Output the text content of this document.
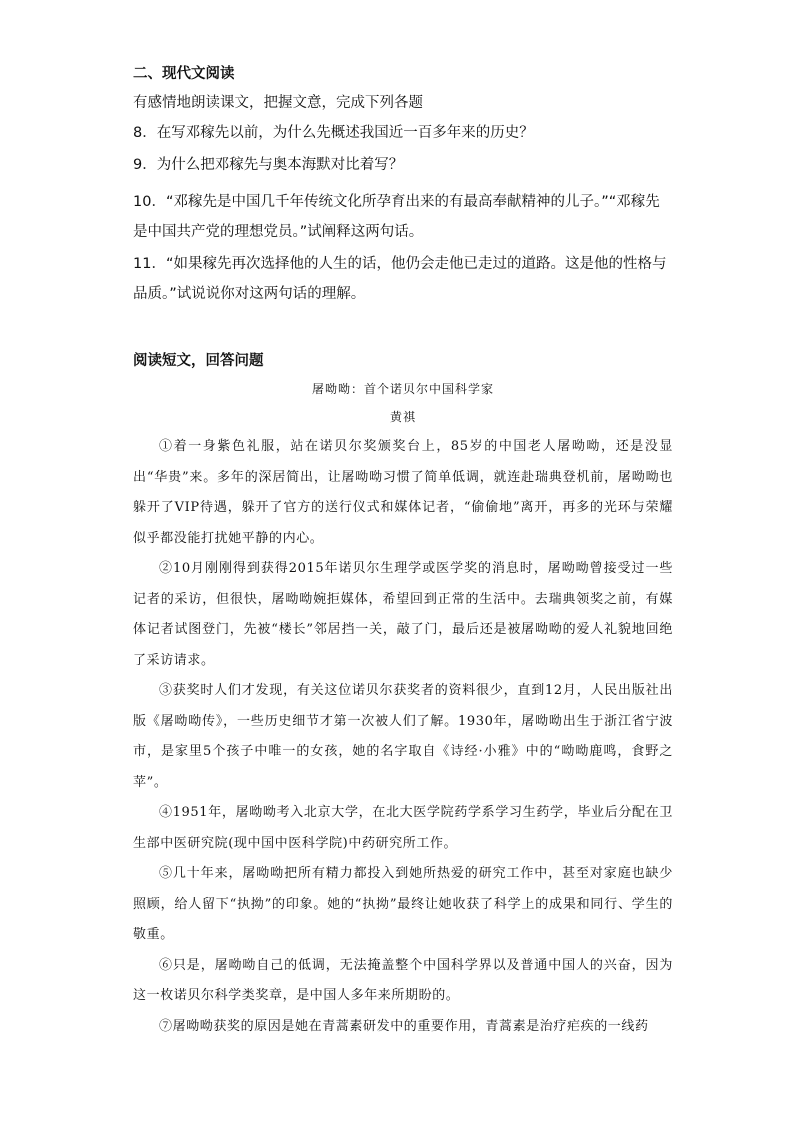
二、现代文阅读

有感情地朗读课文，把握文意，完成下列各题

8．在写邓稼先以前，为什么先概述我国近一百多年来的历史？

9．为什么把邓稼先与奥本海默对比着写？

10．“邓稼先是中国几千年传统文化所孕育出来的有最高奉献精神的儿子。”“邓稼先是中国共产党的理想党员。”试阐释这两句话。

11．“如果稼先再次选择他的人生的话，他仍会走他已走过的道路。这是他的性格与品质。”试说说你对这两句话的理解。

阅读短文，回答问题

屠呦呦：首个诺贝尔中国科学家

黄祺

①着一身紫色礼服，站在诺贝尔奖颁奖台上，85岁的中国老人屠呦呦，还是没显出“华贵”来。多年的深居简出，让屠呦呦习惯了简单低调，就连赴瑞典登机前，屠呦呦也躲开了VIP待遇，躲开了官方的送行仪式和媒体记者，“偷偷地”离开，再多的光环与荣耀似乎都没能打扰她平静的内心。

②10月刚刚得到获得2015年诺贝尔生理学或医学奖的消息时，屠呦呦曾接受过一些记者的采访，但很快，屠呦呦婉拒媒体，希望回到正常的生活中。去瑞典领奖之前，有媒体记者试图登门，先被“楼长”邻居挡一关，敲了门，最后还是被屠呦呦的爱人礼貌地回绝了采访请求。

③获奖时人们才发现，有关这位诺贝尔获奖者的资料很少，直到12月，人民出版社出版《屠呦呦传》，一些历史细节才第一次被人们了解。1930年，屠呦呦出生于浙江省宁波市，是家里5个孩子中唯一的女孩，她的名字取自《诗经·小雅》中的“呦呦鹿鸣，食野之苹”。

④1951年，屠呦呦考入北京大学，在北大医学院药学系学习生药学，毕业后分配在卫生部中医研究院(现中国中医科学院)中药研究所工作。

⑤几十年来，屠呦呦把所有精力都投入到她所热爱的研究工作中，甚至对家庭也缺少照顾，给人留下“执拗”的印象。她的“执拗”最终让她收获了科学上的成果和同行、学生的敬重。

⑥只是，屠呦呦自己的低调，无法掩盖整个中国科学界以及普通中国人的兴奋，因为这一枚诺贝尔科学类奖章，是中国人多年来所期盼的。

⑦屠呦呦获奖的原因是她在青蒿素研发中的重要作用，青蒿素是治疗疟疾的一线药
